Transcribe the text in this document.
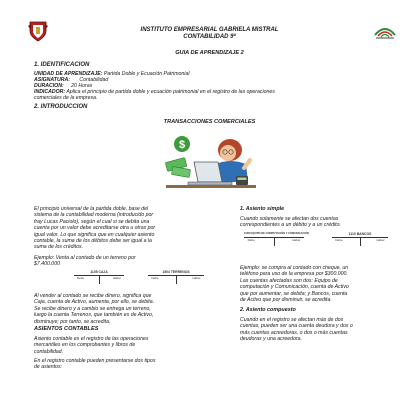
INSTITUTO EMPRESARIAL GABRIELA MISTRAL
CONTABILIDAD 9º
GUIA DE APRENDIZAJE 2
1. IDENTIFICACION
UNIDAD DE APRENDIZAJE: Partida Doble y Ecuación Patrimonial
ASIGNATURA: Contabilidad
DURACION: 20 Horas
INDICADOR: Aplica el principio de partida doble y ecuación patrimonial en el registro de las operaciones
comerciales de la empresa.
2. INTRODUCCION
TRANSACCIONES COMERCIALES
$
El principio universal de la partida doble, base del
sistema de la contabilidad moderna (introducido por
fray Lucas Paciolo), según el cual si se debita una
cuenta por un valor debe acreditarse otra u otras por
igual valor. Lo que significa que en cualquier asiento
contable, la suma de los débitos debe ser igual a la
suma de los créditos.
Ejemplo: Venta al contado de un terreno por
$7.400.000
1105 CAJA
Debe	Haber
1504 TERRENOS
Debe	Haber
Al vender al contado se recibe dinero, significa que
Caja, cuenta de Activo, aumenta, por ello, se debita.
Se recibe dinero y a cambio se entrega un terreno,
luego la cuenta Terrenos, que también es de Activo,
disminuye; por tanto, se acredita.
ASIENTOS CONTABLES
Asiento contable es el registro de las operaciones
mercantiles en los comprobantes y libros de
contabilidad.
En el registro contable pueden presentarse dos tipos
de asientos:
1. Asiento simple
Cuando solamente se afectan dos cuentas
correspondientes a un débito y a un crédito.
1528 EQUIPO DE COMPUTACIÓN Y COMUNICACIÓN
Debe	Haber
1110 BANCOS
Debe	Haber
Ejemplo: se compra al contado con cheque, un
teléfono para uso de la empresa por $300.000.
Las cuentas afectadas son dos: Equipo de
computación y Comunicación, cuenta de Activo
que por aumentar, se debita; y Bancos, cuenta
de Activo que por disminuir, se acredita.
2. Asiento compuesto
Cuando en el registro se afectan más de dos
cuentas, pueden ser una cuenta deudora y dos o
más cuentas acreedoras, o dos o más cuentas
deudoras y una acreedora.
